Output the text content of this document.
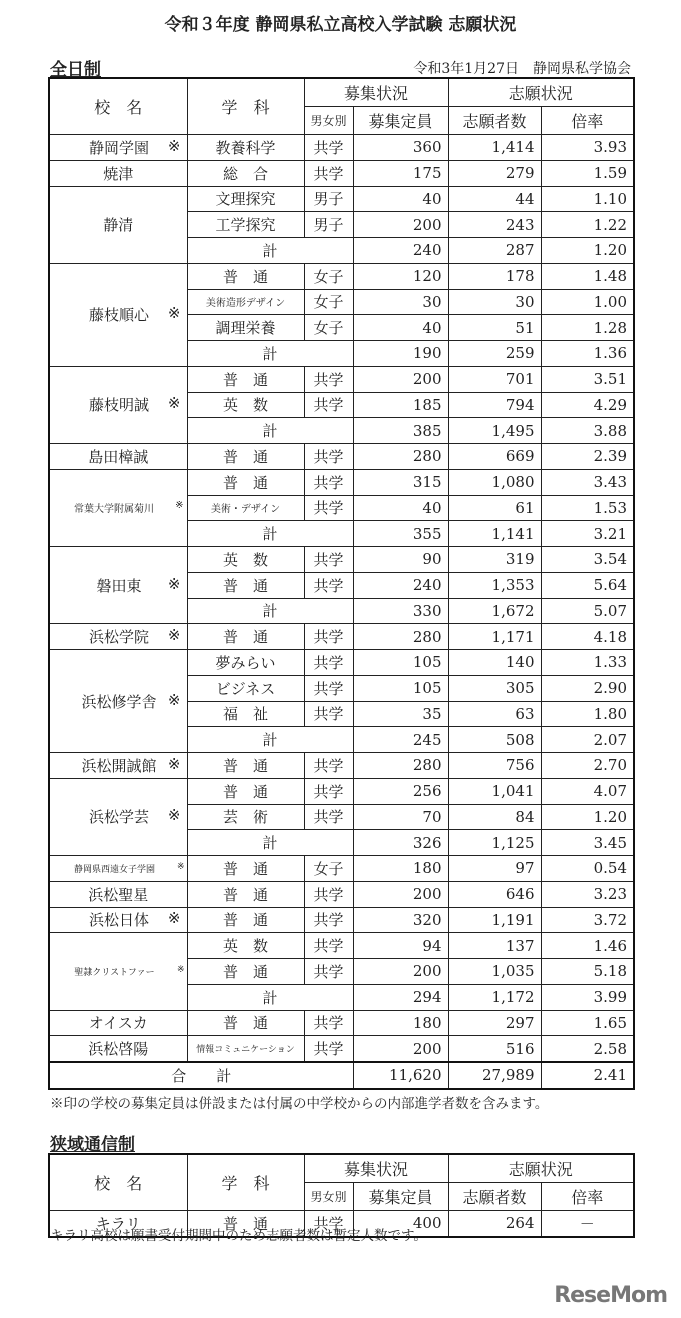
令和３年度 静岡県私立高校入学試験 志願状況
全日制	令和3年1月27日　静岡県私学協会
校　名	学　科	募集状況		志願状況	
		男女別	募集定員	志願者数	倍率
静岡学園 ※	教養科学	共学	360	1,414	3.93
焼津	総　合	共学	175	279	1.59
静清	文理探究	男子	40	44	1.10
	工学探究	男子	200	243	1.22
	計		240	287	1.20
藤枝順心 ※	普　通	女子	120	178	1.48
	美術造形デザイン	女子	30	30	1.00
	調理栄養	女子	40	51	1.28
	計		190	259	1.36
藤枝明誠 ※	普　通	共学	200	701	3.51
	英　数	共学	185	794	4.29
	計		385	1,495	3.88
島田樟誠	普　通	共学	280	669	2.39
常葉大学附属菊川 ※	普　通	共学	315	1,080	3.43
	美術・デザイン	共学	40	61	1.53
	計		355	1,141	3.21
磐田東 ※	英　数	共学	90	319	3.54
	普　通	共学	240	1,353	5.64
	計		330	1,672	5.07
浜松学院 ※	普　通	共学	280	1,171	4.18
浜松修学舎 ※	夢みらい	共学	105	140	1.33
	ビジネス	共学	105	305	2.90
	福　祉	共学	35	63	1.80
	計		245	508	2.07
浜松開誠館 ※	普　通	共学	280	756	2.70
浜松学芸 ※	普　通	共学	256	1,041	4.07
	芸　術	共学	70	84	1.20
	計		326	1,125	3.45
静岡県西遠女子学園 ※	普　通	女子	180	97	0.54
浜松聖星	普　通	共学	200	646	3.23
浜松日体 ※	普　通	共学	320	1,191	3.72
聖隷クリストファー ※	英　数	共学	94	137	1.46
	普　通	共学	200	1,035	5.18
	計		294	1,172	3.99
オイスカ	普　通	共学	180	297	1.65
浜松啓陽	情報コミュニケーション	共学	200	516	2.58
合　　計			11,620	27,989	2.41
※印の学校の募集定員は併設または付属の中学校からの内部進学者数を含みます。
狭域通信制
校　名	学　科	募集状況		志願状況	
		男女別	募集定員	志願者数	倍率
キラリ	普　通	共学	400	264	－
キラリ高校は願書受付期間中のため志願者数は暫定人数です。
ReseMom
